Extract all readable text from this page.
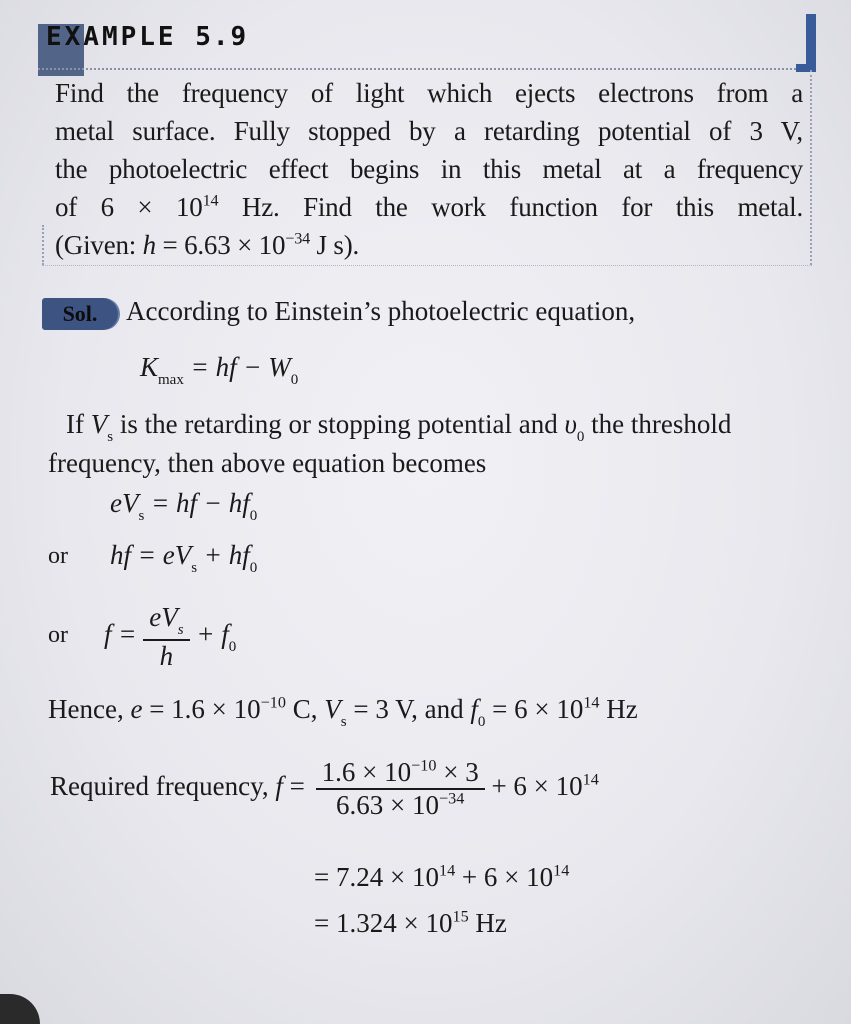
EXAMPLE 5.9
Find the frequency of light which ejects electrons from a
metal surface. Fully stopped by a retarding potential of 3 V,
the photoelectric effect begins in this metal at a frequency
of $6 \times 10^{14}$ Hz. Find the work function for this metal.
(Given: $h = 6.63 \times 10^{-34}$ J s).
Sol.	According to Einstein’s photoelectric equation,
$K_{max}$ = hf − $W_0$
If $V_s$ is the retarding or stopping potential and $\upsilon_0$ the threshold
frequency, then above equation becomes
$eV_s$ = hf − $hf_0$
or hf = $eV_s + hf_0$
or $f = \frac{eV_s}{h} + f_0$
Hence, $e = 1.6 \times 10^{-10}$ C, $V_s = 3$ V, and $f_0 = 6 \times 10^{14}$ Hz
Required frequency, $f = \frac{1.6 \times 10^{-10} \times 3}{6.63 \times 10^{-34}} + 6 \times 10^{14}$
= $7.24 \times 10^{14} + 6 \times 10^{14}$
= $1.324 \times 10^{15}$ Hz
